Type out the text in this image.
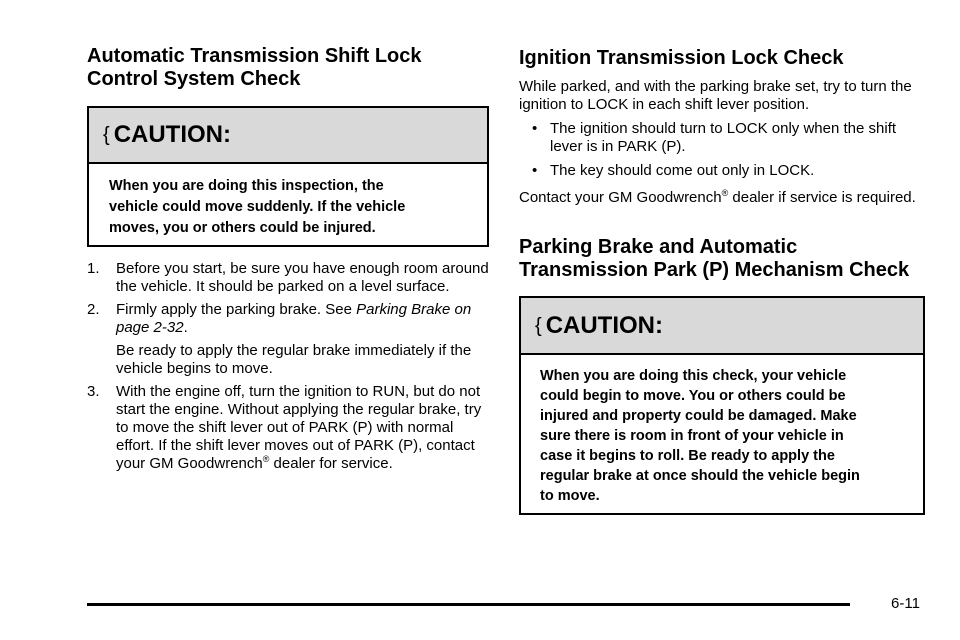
Automatic Transmission Shift Lock Control System Check
{ CAUTION:
When you are doing this inspection, the
vehicle could move suddenly. If the vehicle
moves, you or others could be injured.
1. Before you start, be sure you have enough room around the vehicle. It should be parked on a level surface.
2. Firmly apply the parking brake. See Parking Brake on page 2-32.
Be ready to apply the regular brake immediately if the vehicle begins to move.
3. With the engine off, turn the ignition to RUN, but do not start the engine. Without applying the regular brake, try to move the shift lever out of PARK (P) with normal effort. If the shift lever moves out of PARK (P), contact your GM Goodwrench® dealer for service.
Ignition Transmission Lock Check

While parked, and with the parking brake set, try to turn the ignition to LOCK in each shift lever position.

• The ignition should turn to LOCK only when the shift lever is in PARK (P).
• The key should come out only in LOCK.

Contact your GM Goodwrench® dealer if service is required.

Parking Brake and Automatic Transmission Park (P) Mechanism Check
{ CAUTION:
When you are doing this check, your vehicle
could begin to move. You or others could be
injured and property could be damaged. Make
sure there is room in front of your vehicle in
case it begins to roll. Be ready to apply the
regular brake at once should the vehicle begin
to move.
6-11
